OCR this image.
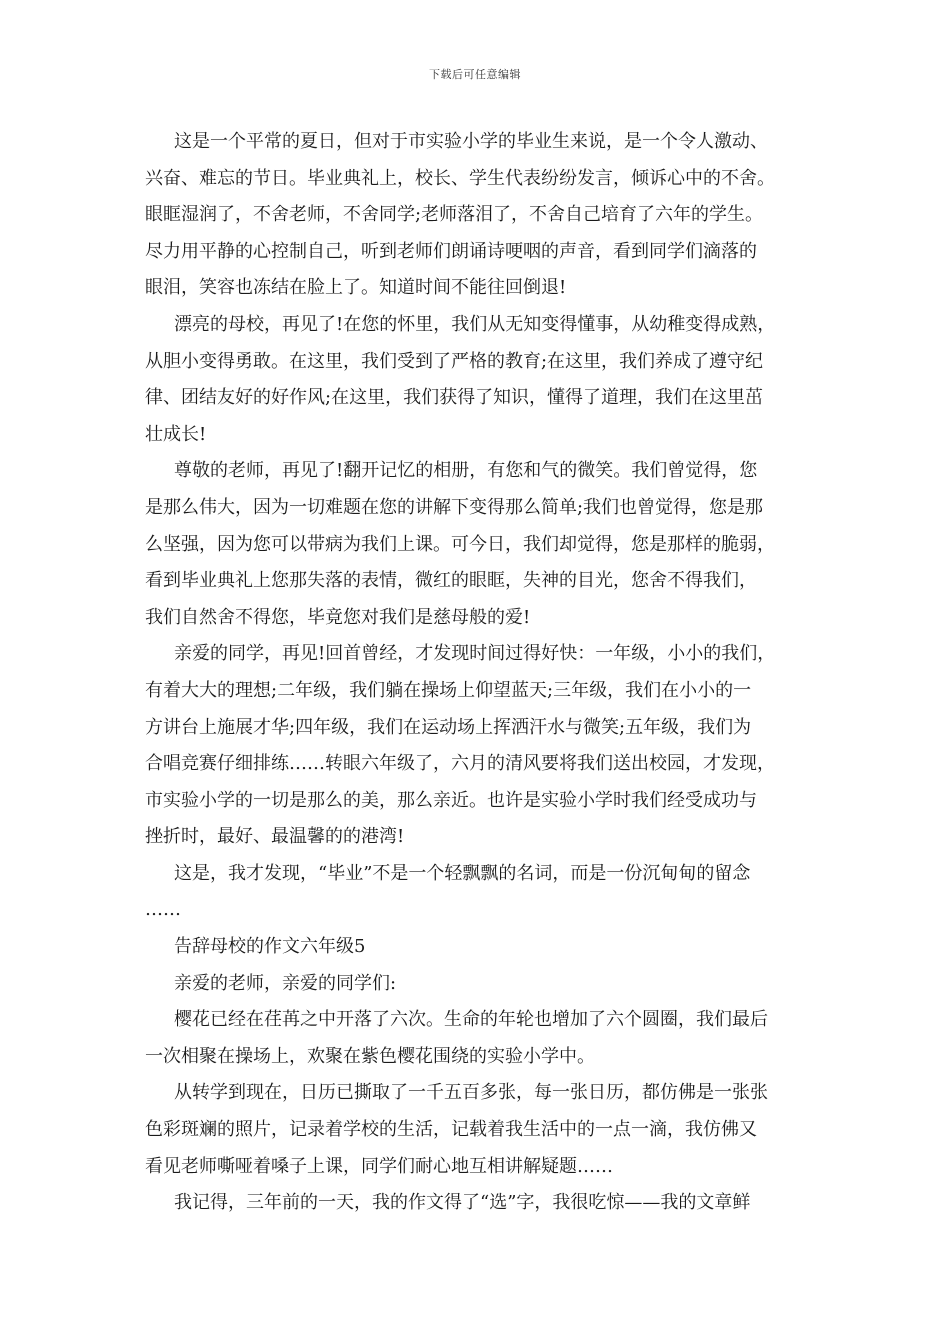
下载后可任意编辑
这是一个平常的夏日，但对于市实验小学的毕业生来说，是一个令人激动、
兴奋、难忘的节日。毕业典礼上，校长、学生代表纷纷发言，倾诉心中的不舍。
眼眶湿润了，不舍老师，不舍同学;老师落泪了，不舍自己培育了六年的学生。
尽力用平静的心控制自己，听到老师们朗诵诗哽咽的声音，看到同学们滴落的
眼泪，笑容也冻结在脸上了。知道时间不能往回倒退!
漂亮的母校，再见了!在您的怀里，我们从无知变得懂事，从幼稚变得成熟，
从胆小变得勇敢。在这里，我们受到了严格的教育;在这里，我们养成了遵守纪
律、团结友好的好作风;在这里，我们获得了知识，懂得了道理，我们在这里茁
壮成长!
尊敬的老师，再见了!翻开记忆的相册，有您和气的微笑。我们曾觉得，您
是那么伟大，因为一切难题在您的讲解下变得那么简单;我们也曾觉得，您是那
么坚强，因为您可以带病为我们上课。可今日，我们却觉得，您是那样的脆弱，
看到毕业典礼上您那失落的表情，微红的眼眶，失神的目光，您舍不得我们，
我们自然舍不得您，毕竟您对我们是慈母般的爱!
亲爱的同学，再见!回首曾经，才发现时间过得好快：一年级，小小的我们，
有着大大的理想;二年级，我们躺在操场上仰望蓝天;三年级，我们在小小的一
方讲台上施展才华;四年级，我们在运动场上挥洒汗水与微笑;五年级，我们为
合唱竞赛仔细排练……转眼六年级了，六月的清风要将我们送出校园，才发现，
市实验小学的一切是那么的美，那么亲近。也许是实验小学时我们经受成功与
挫折时，最好、最温馨的的港湾!
这是，我才发现，“毕业”不是一个轻飘飘的名词，而是一份沉甸甸的留念
……
告辞母校的作文六年级5
亲爱的老师，亲爱的同学们:
樱花已经在荏苒之中开落了六次。生命的年轮也增加了六个圆圈，我们最后
一次相聚在操场上，欢聚在紫色樱花围绕的实验小学中。
从转学到现在，日历已撕取了一千五百多张，每一张日历，都仿佛是一张张
色彩斑斓的照片，记录着学校的生活，记载着我生活中的一点一滴，我仿佛又
看见老师嘶哑着嗓子上课，同学们耐心地互相讲解疑题……
我记得，三年前的一天，我的作文得了“选”字，我很吃惊——我的文章鲜
